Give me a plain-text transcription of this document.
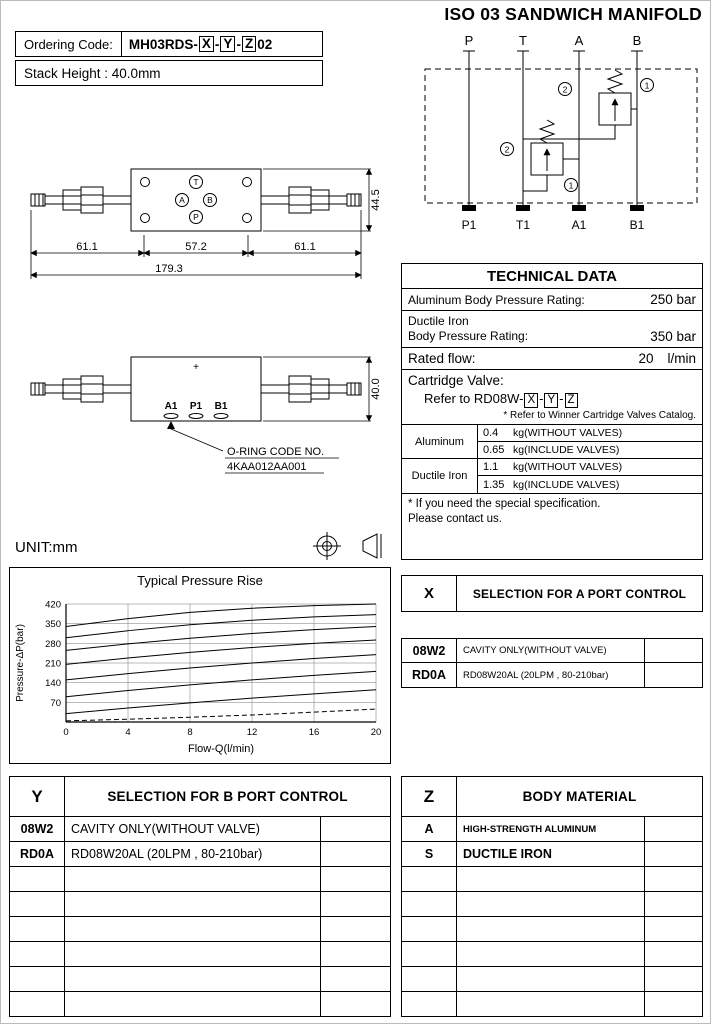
ISO 03 SANDWICH MANIFOLD
Ordering Code:	MH03RDS- X - Y - Z 02
Stack Height : 40.0mm
P	T	A	B
1
2
1
2
P1	T1	A1	B1
61.1	57.2	61.1
179.3
44.5
T
A	B
P
TECHNICAL DATA
Aluminum Body Pressure Rating:	250 bar
Ductile Iron
Body Pressure Rating:	350 bar
Rated flow:	20 l/min
Cartridge Valve:
Refer to RD08W- X - Y - Z
* Refer to Winner Cartridge Valves Catalog.
Aluminum
0.4	kg(WITHOUT VALVES)
0.65 kg(INCLUDE VALVES)
Ductile Iron
1.1	kg(WITHOUT VALVES)
1.35 kg(INCLUDE VALVES)
* If you need the special specification.
Please contact us.
+
A1 P1 B1
O-RING CODE NO.
4KAA012AA001
40.0
UNIT:mm
Typical Pressure Rise
0	4	8	12	16	20
70
140
210
280
350
420
Flow-Q(l/min)
Pressure-ΔP(bar)
X	SELECTION FOR A PORT CONTROL
08W2	CAVITY ONLY(WITHOUT VALVE)
RD0A	RD08W20AL (20LPM , 80-210bar)
Y	SELECTION FOR B PORT CONTROL
08W2	CAVITY ONLY(WITHOUT VALVE)
RD0A	RD08W20AL (20LPM , 80-210bar)
Z	BODY MATERIAL
A	HIGH-STRENGTH ALUMINUM
S	DUCTILE IRON
